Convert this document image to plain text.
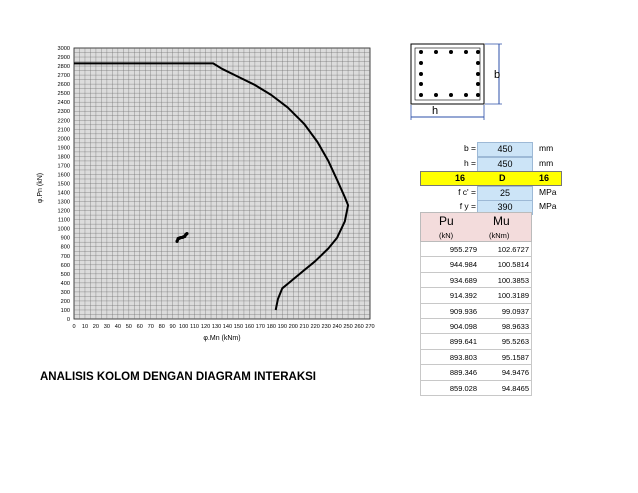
0 10 20 30 40 50 60 70 80 90 100 110 120 130 140 150 160 170 180 190 200 210 220 230 240 250 260 270
0
100
200
300
400
500
600
700
800
900
1000
1100
1200
1300
1400
1500
1600
1700
1800
1900
2000
2100
2200
2300
2400
2500
2600
2700
2800
2900
3000
φ.Mn (kNm)
φ.Pn (kN)
b
h
ANALISIS KOLOM DENGAN DIAGRAM INTERAKSI
b =	450	mm
h =	450	mm
16	D	16
f c' =	25	MPa
f y =	390	MPa
Pu	Mu
(kN)	(kNm)
955.279	102.6727
944.984	100.5814
934.689	100.3853
914.392	100.3189
909.936	99.0937
904.098	98.9633
899.641	95.5263
893.803	95.1587
889.346	94.9476
859.028	94.8465
